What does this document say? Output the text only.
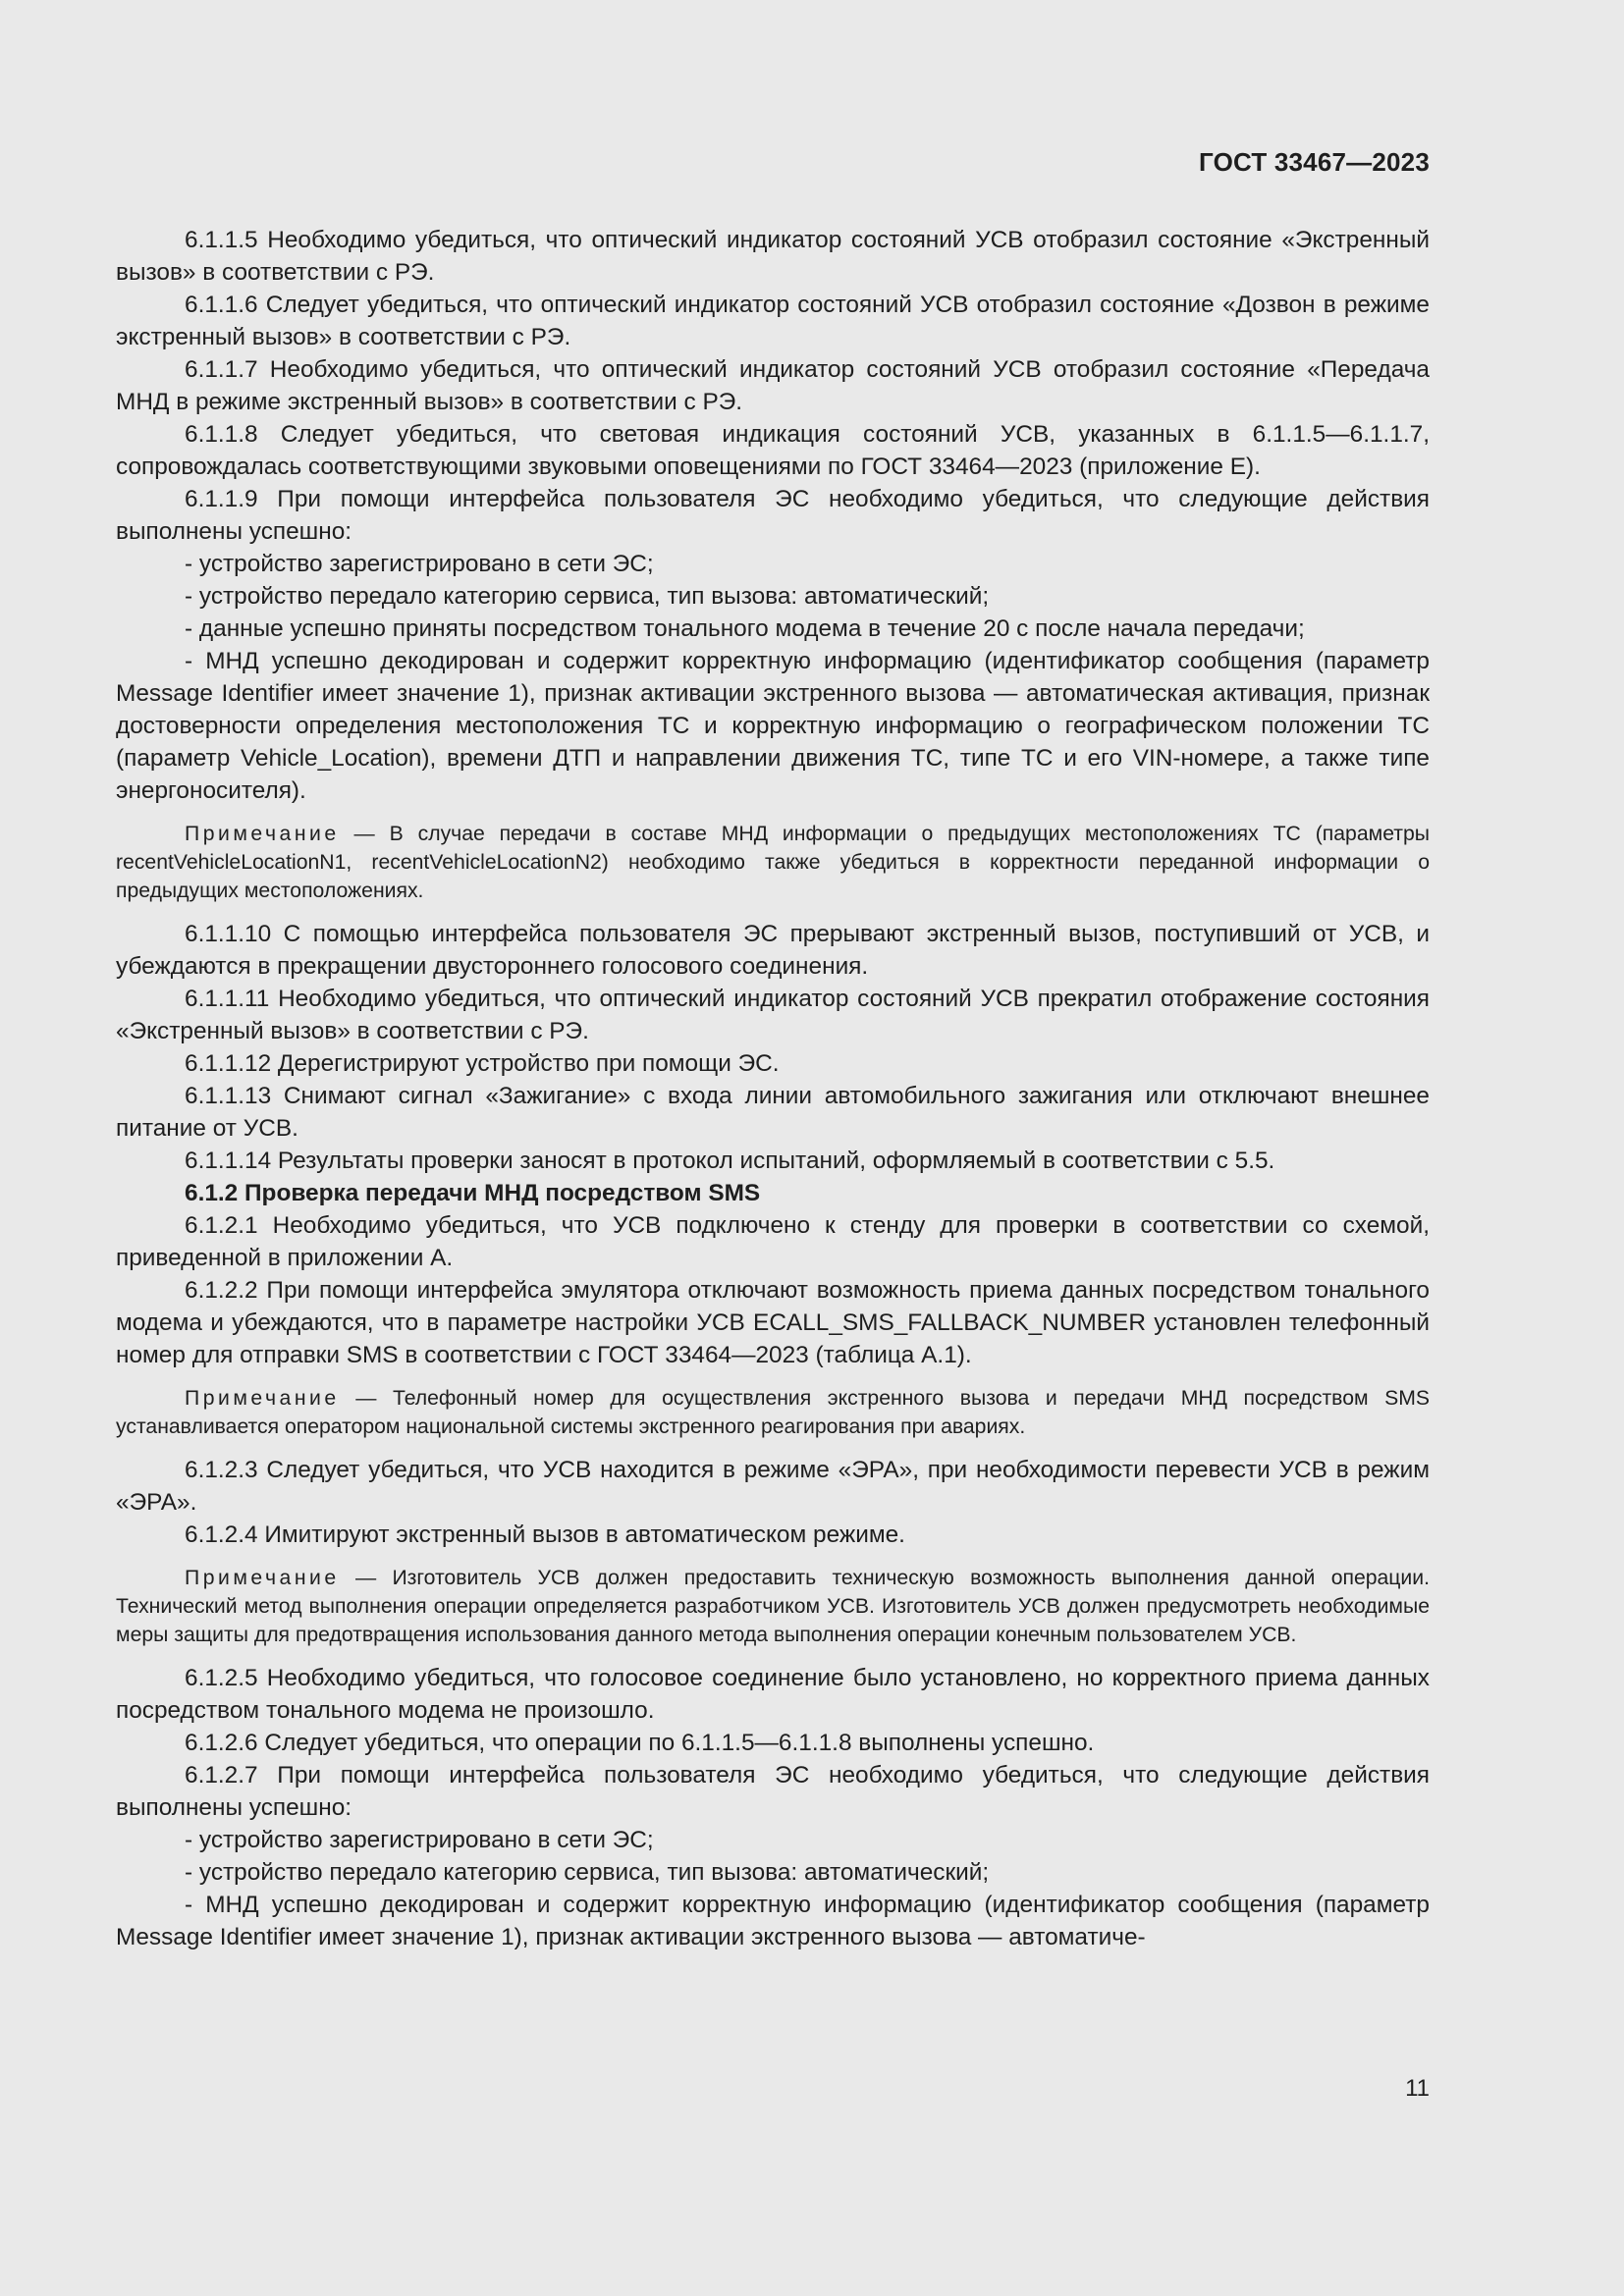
ГОСТ 33467—2023

6.1.1.5 Необходимо убедиться, что оптический индикатор состояний УСВ отобразил состояние «Экстренный вызов» в соответствии с РЭ.

6.1.1.6 Следует убедиться, что оптический индикатор состояний УСВ отобразил состояние «Дозвон в режиме экстренный вызов» в соответствии с РЭ.

6.1.1.7 Необходимо убедиться, что оптический индикатор состояний УСВ отобразил состояние «Передача МНД в режиме экстренный вызов» в соответствии с РЭ.

6.1.1.8 Следует убедиться, что световая индикация состояний УСВ, указанных в 6.1.1.5—6.1.1.7, сопровождалась соответствующими звуковыми оповещениями по ГОСТ 33464—2023 (приложение Е).

6.1.1.9 При помощи интерфейса пользователя ЭС необходимо убедиться, что следующие действия выполнены успешно:

- устройство зарегистрировано в сети ЭС;

- устройство передало категорию сервиса, тип вызова: автоматический;

- данные успешно приняты посредством тонального модема в течение 20 с после начала передачи;

- МНД успешно декодирован и содержит корректную информацию (идентификатор сообщения (параметр Message Identifier имеет значение 1), признак активации экстренного вызова — автоматическая активация, признак достоверности определения местоположения ТС и корректную информацию о географическом положении ТС (параметр Vehicle_Location), времени ДТП и направлении движения ТС, типе ТС и его VIN-номере, а также типе энергоносителя).

Примечание — В случае передачи в составе МНД информации о предыдущих местоположениях ТС (параметры recentVehicleLocationN1, recentVehicleLocationN2) необходимо также убедиться в корректности переданной информации о предыдущих местоположениях.

6.1.1.10 С помощью интерфейса пользователя ЭС прерывают экстренный вызов, поступивший от УСВ, и убеждаются в прекращении двустороннего голосового соединения.

6.1.1.11 Необходимо убедиться, что оптический индикатор состояний УСВ прекратил отображение состояния «Экстренный вызов» в соответствии с РЭ.

6.1.1.12 Дерегистрируют устройство при помощи ЭС.

6.1.1.13 Снимают сигнал «Зажигание» с входа линии автомобильного зажигания или отключают внешнее питание от УСВ.

6.1.1.14 Результаты проверки заносят в протокол испытаний, оформляемый в соответствии с 5.5.

6.1.2 Проверка передачи МНД посредством SMS

6.1.2.1 Необходимо убедиться, что УСВ подключено к стенду для проверки в соответствии со схемой, приведенной в приложении А.

6.1.2.2 При помощи интерфейса эмулятора отключают возможность приема данных посредством тонального модема и убеждаются, что в параметре настройки УСВ ECALL_SMS_FALLBACK_NUMBER установлен телефонный номер для отправки SMS в соответствии с ГОСТ 33464—2023 (таблица А.1).

Примечание — Телефонный номер для осуществления экстренного вызова и передачи МНД посредством SMS устанавливается оператором национальной системы экстренного реагирования при авариях.

6.1.2.3 Следует убедиться, что УСВ находится в режиме «ЭРА», при необходимости перевести УСВ в режим «ЭРА».

6.1.2.4 Имитируют экстренный вызов в автоматическом режиме.

Примечание — Изготовитель УСВ должен предоставить техническую возможность выполнения данной операции. Технический метод выполнения операции определяется разработчиком УСВ. Изготовитель УСВ должен предусмотреть необходимые меры защиты для предотвращения использования данного метода выполнения операции конечным пользователем УСВ.

6.1.2.5 Необходимо убедиться, что голосовое соединение было установлено, но корректного приема данных посредством тонального модема не произошло.

6.1.2.6 Следует убедиться, что операции по 6.1.1.5—6.1.1.8 выполнены успешно.

6.1.2.7 При помощи интерфейса пользователя ЭС необходимо убедиться, что следующие действия выполнены успешно:

- устройство зарегистрировано в сети ЭС;

- устройство передало категорию сервиса, тип вызова: автоматический;

- МНД успешно декодирован и содержит корректную информацию (идентификатор сообщения (параметр Message Identifier имеет значение 1), признак активации экстренного вызова — автоматиче-

11
